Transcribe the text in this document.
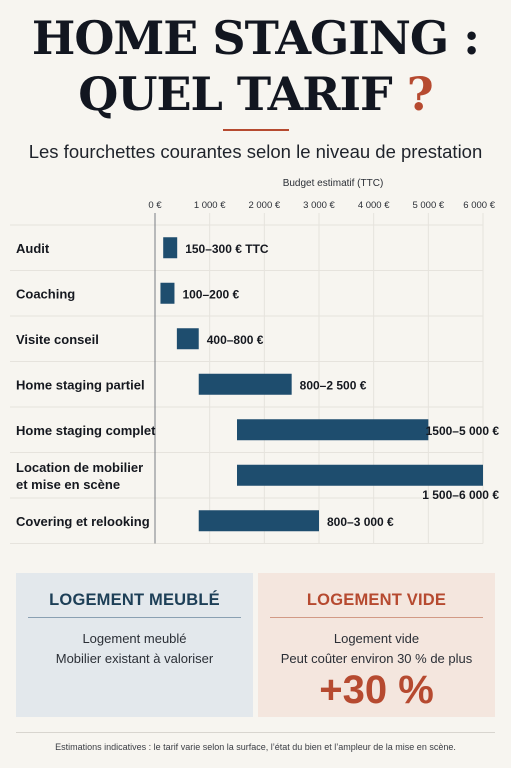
HOME STAGING :
QUEL TARIF ?
Les fourchettes courantes selon le niveau de prestation
Budget estimatif (TTC)
0 €	1 000 € 2 000 € 3 000 € 4 000 € 5 000 € 6 000 €
Audit	150–300 € TTC
Coaching	100–200 €
Visite conseil	400–800 €
Home staging partiel	800–2 500 €
Home staging complet	1500–5 000 €
Location de mobilier
et mise en scène
1 500–6 000 €
Covering et relooking	800–3 000 €
LOGEMENT MEUBLÉ
Logement meublé
Mobilier existant à valoriser
LOGEMENT VIDE
Logement vide
Peut coûter environ 30 % de plus
+30 %
Estimations indicatives : le tarif varie selon la surface, l’état du bien et l’ampleur de la mise en scène.
